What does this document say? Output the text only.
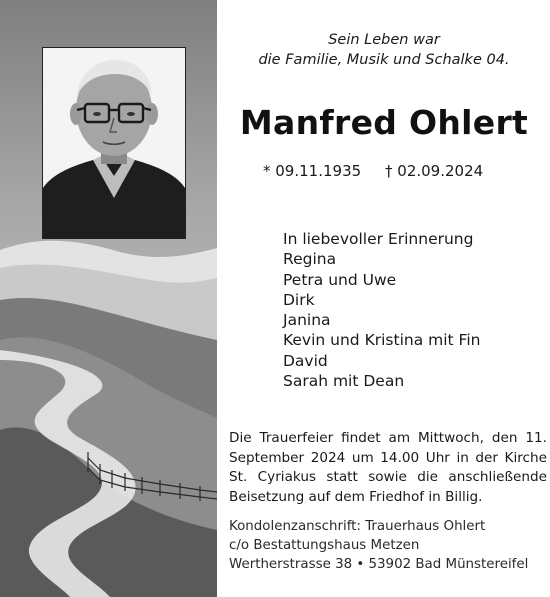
Sein Leben war
die Familie, Musik und Schalke 04.
Manfred Ohlert
* 09.11.1935 † 02.09.2024
In liebevoller Erinnerung
Regina
Petra und Uwe
Dirk
Janina
Kevin und Kristina mit Fin
David
Sarah mit Dean
Die Trauerfeier findet am Mittwoch, den 11. September 2024 um 14.00 Uhr in der Kirche St. Cyriakus statt sowie die anschließende Beisetzung auf dem Friedhof in Billig.
Kondolenzanschrift: Trauerhaus Ohlert
c/o Bestattungshaus Metzen
Wertherstrasse 38 • 53902 Bad Münstereifel
